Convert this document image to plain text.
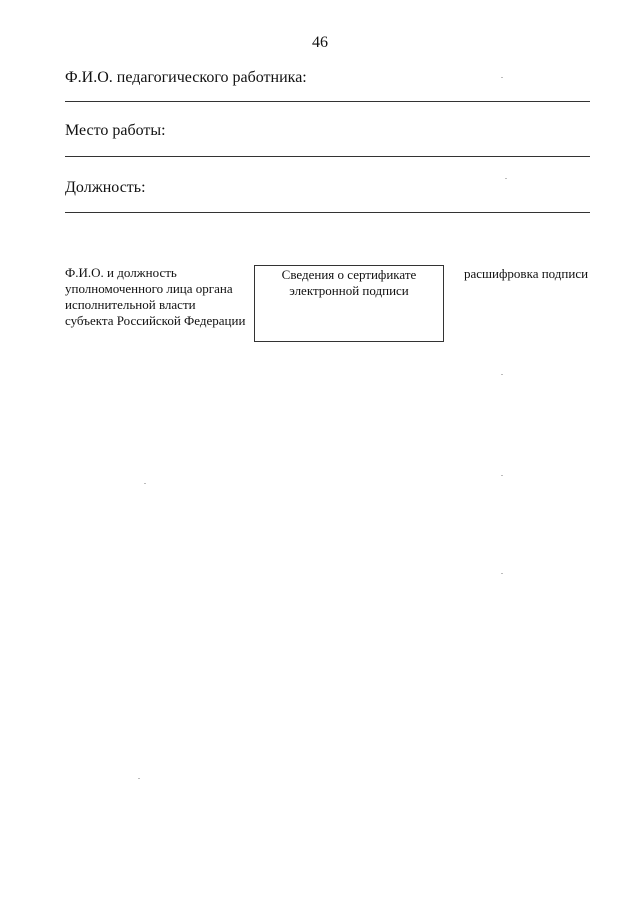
46
Ф.И.О. педагогического работника:
Место работы:
Должность:
Ф.И.О. и должность
уполномоченного лица органа
исполнительной власти
субъекта Российской Федерации
Сведения о сертификате
электронной подписи
расшифровка подписи
